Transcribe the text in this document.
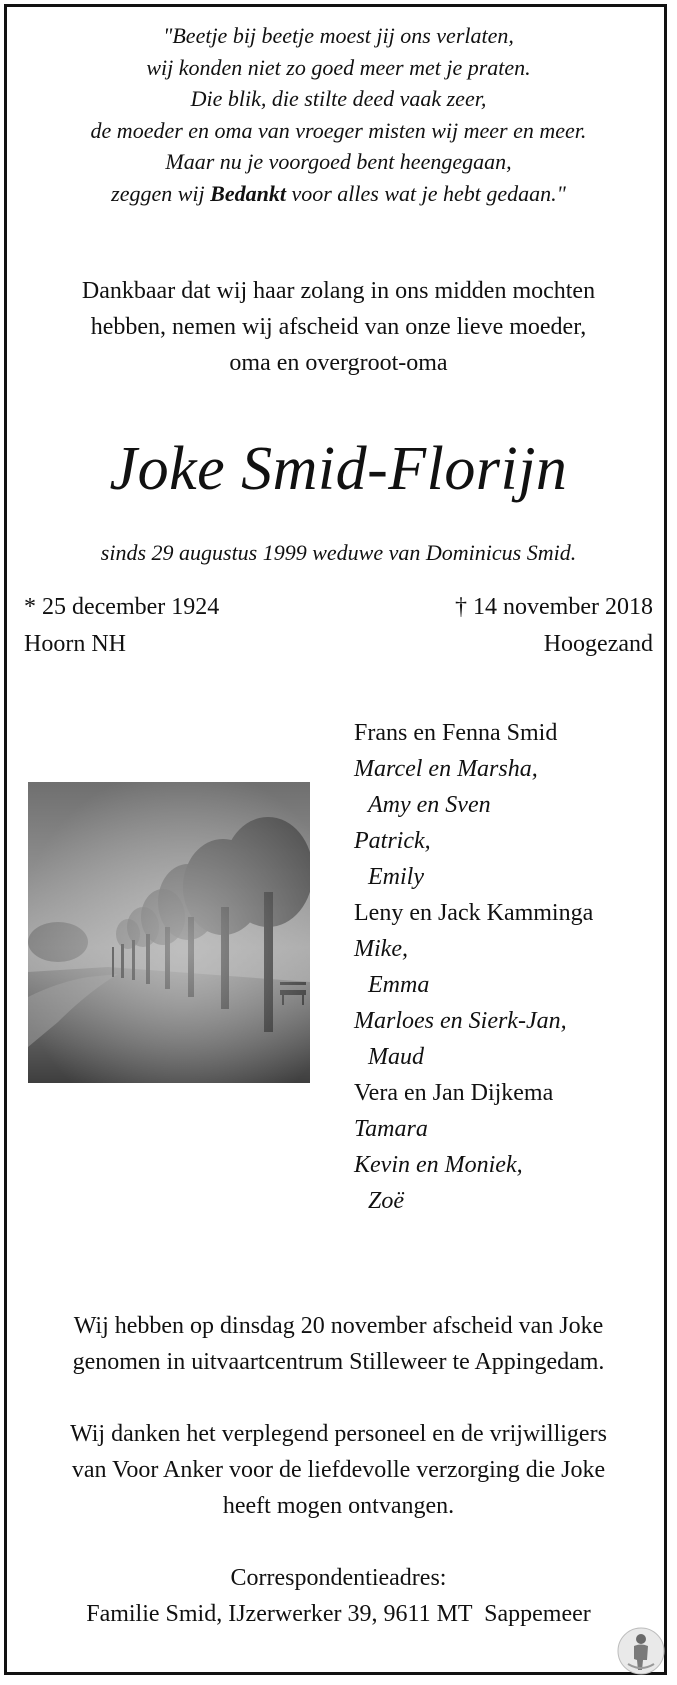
"Beetje bij beetje moest jij ons verlaten,
wij konden niet zo goed meer met je praten.
Die blik, die stilte deed vaak zeer,
de moeder en oma van vroeger misten wij meer en meer.
Maar nu je voorgoed bent heengegaan,
zeggen wij Bedankt voor alles wat je hebt gedaan."
Dankbaar dat wij haar zolang in ons midden mochten
hebben, nemen wij afscheid van onze lieve moeder,
oma en overgroot-oma
Joke Smid-Florijn
sinds 29 augustus 1999 weduwe van Dominicus Smid.
* 25 december 1924
Hoorn NH
† 14 november 2018
Hoogezand
Frans en Fenna Smid
Marcel en Marsha,
Amy en Sven
Patrick,
Emily
Leny en Jack Kamminga
Mike,
Emma
Marloes en Sierk-Jan,
Maud
Vera en Jan Dijkema
Tamara
Kevin en Moniek,
Zoë
Wij hebben op dinsdag 20 november afscheid van Joke
genomen in uitvaartcentrum Stilleweer te Appingedam.
Wij danken het verplegend personeel en de vrijwilligers
van Voor Anker voor de liefdevolle verzorging die Joke
heeft mogen ontvangen.
Correspondentieadres:
Familie Smid, IJzerwerker 39, 9611 MT  Sappemeer
